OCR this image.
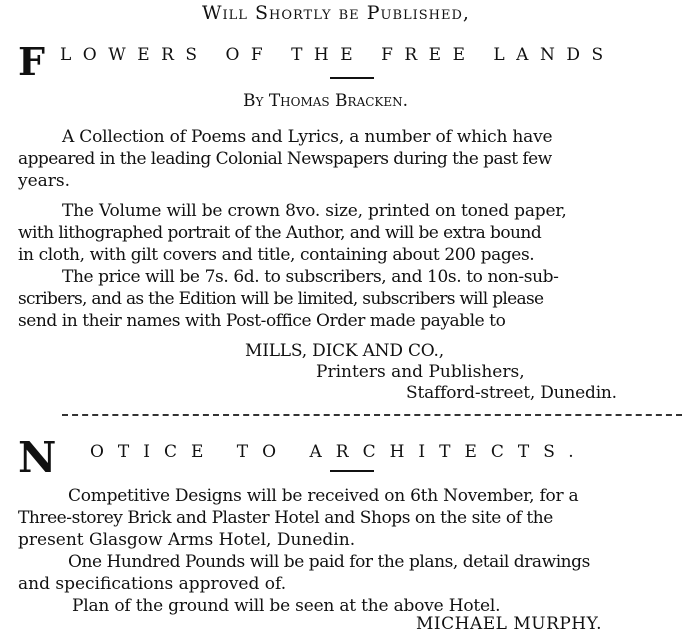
Will Shortly be Published,
F LOWERS OF THE FREE LANDS
By Thomas Bracken.
A Collection of Poems and Lyrics, a number of which have
appeared in the leading Colonial Newspapers during the past few
years.
The Volume will be crown 8vo. size, printed on toned paper,
with lithographed portrait of the Author, and will be extra bound
in cloth, with gilt covers and title, containing about 200 pages.
The price will be 7s. 6d. to subscribers, and 10s. to non-sub-
scribers, and as the Edition will be limited, subscribers will please
send in their names with Post-office Order made payable to
MILLS, DICK AND CO.,
Printers and Publishers,
Stafford-street, Dunedin.
N OTICE TO ARCHITECTS.
Competitive Designs will be received on 6th November, for a
Three-storey Brick and Plaster Hotel and Shops on the site of the
present Glasgow Arms Hotel, Dunedin.
One Hundred Pounds will be paid for the plans, detail drawings
and specifications approved of.
Plan of the ground will be seen at the above Hotel.
MICHAEL MURPHY.
